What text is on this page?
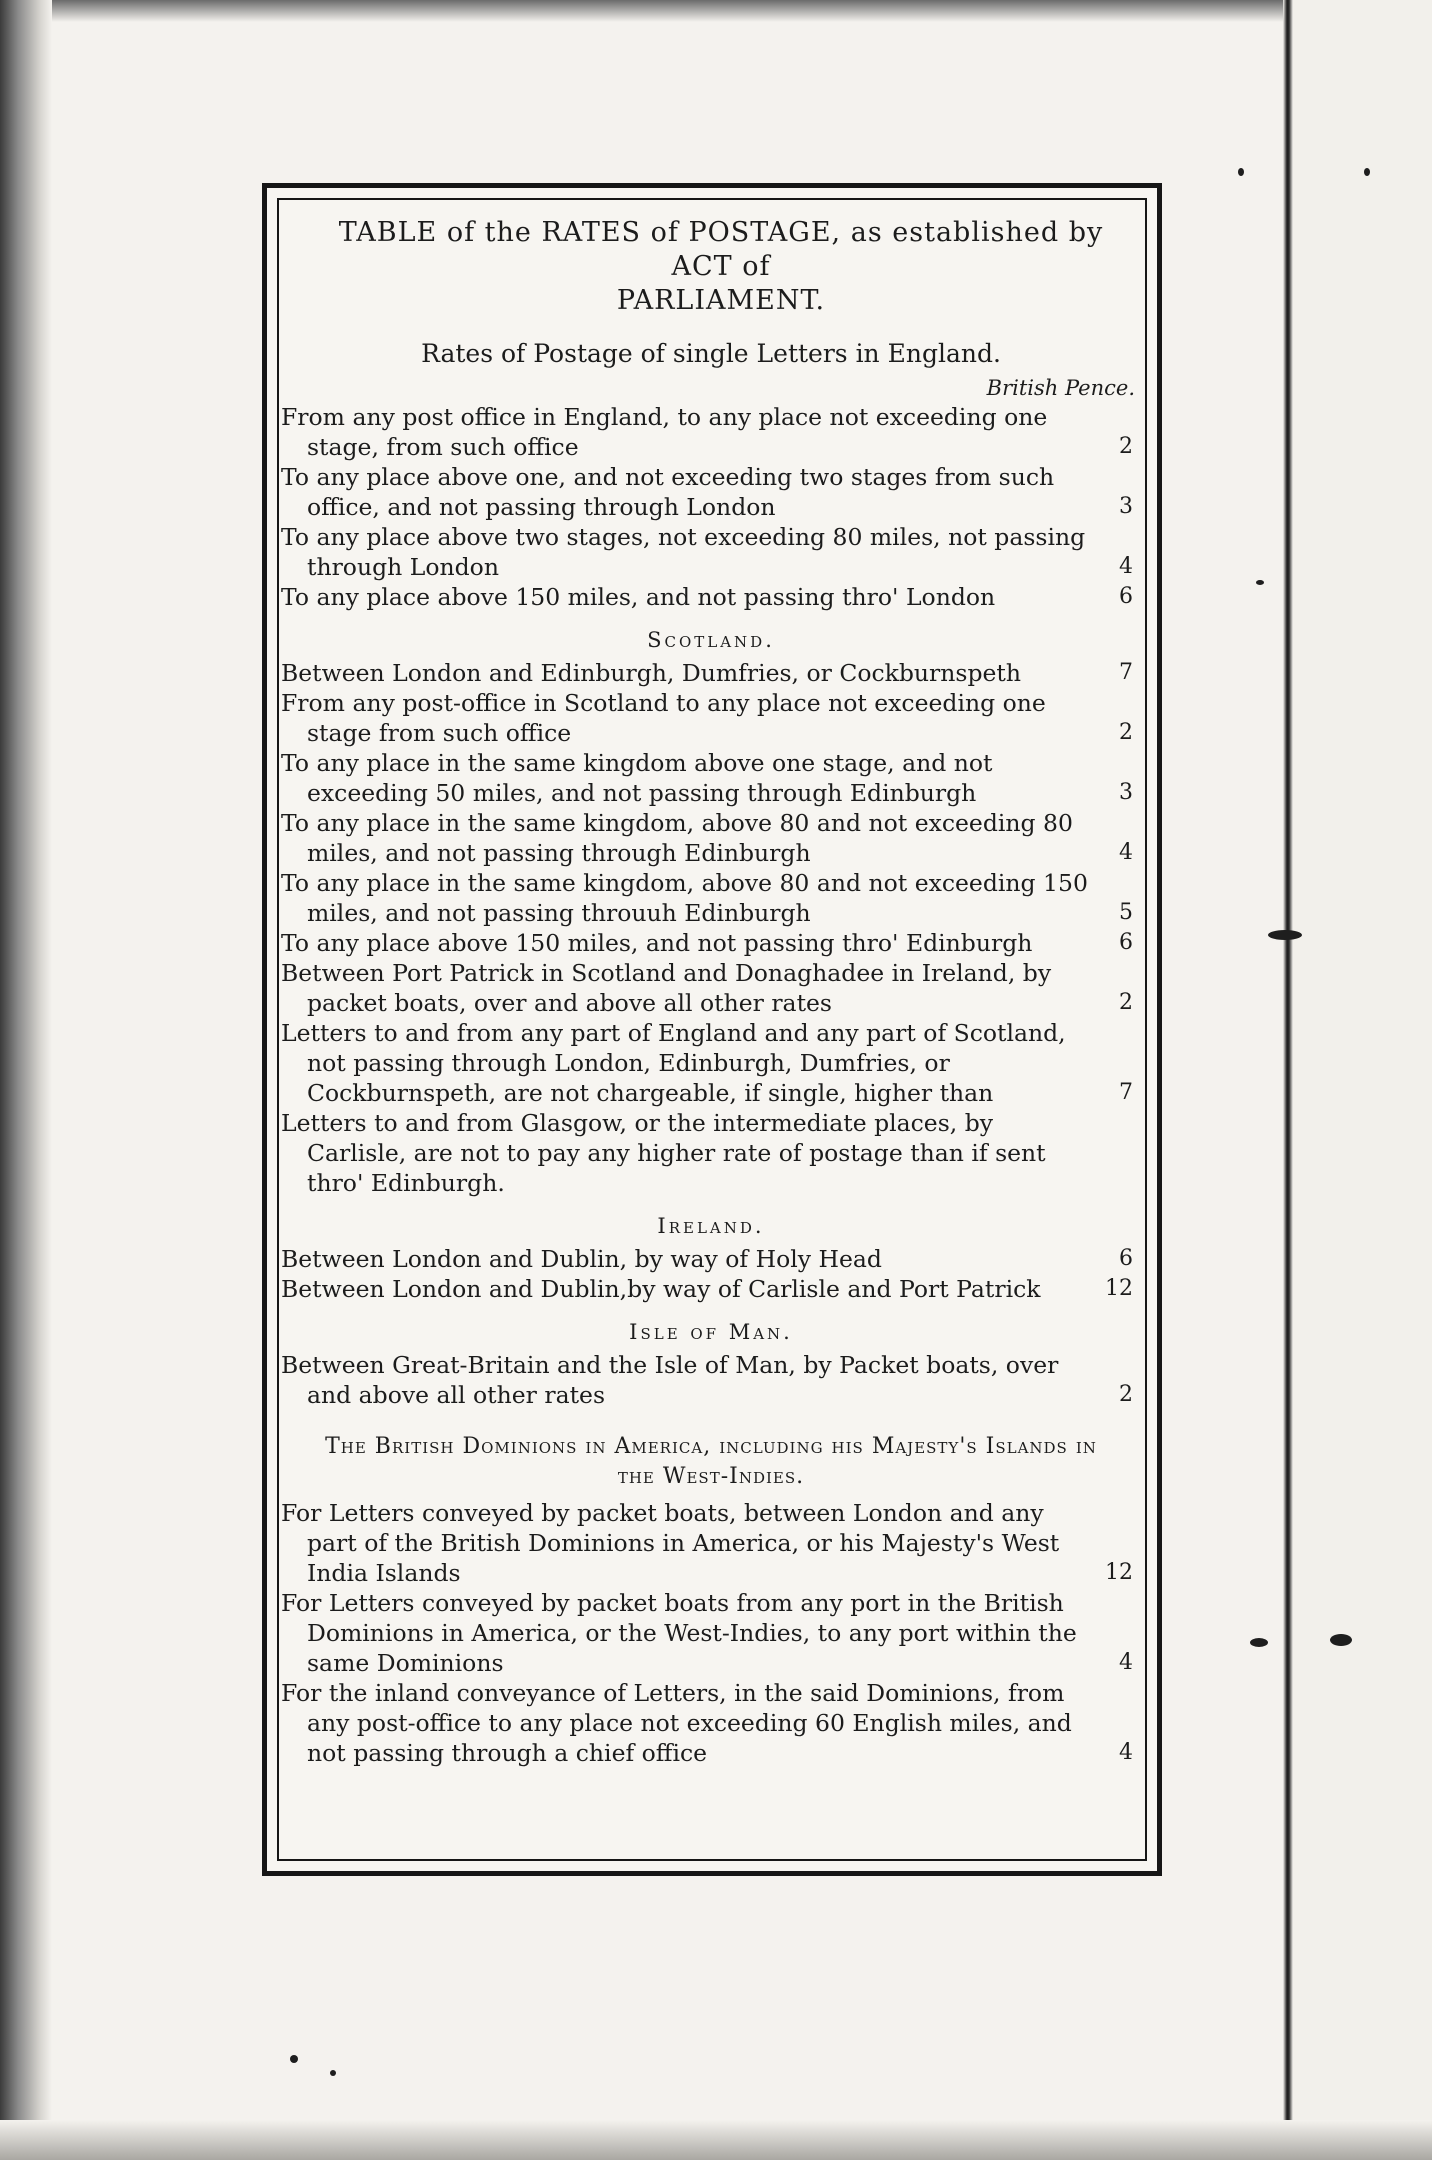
TABLE of the RATES of POSTAGE, as established by ACT of
PARLIAMENT.
Rates of Postage of single Letters in England.
British Pence.
From any post office in England, to any place not exceeding one stage, from such office	2
To any place above one, and not exceeding two stages from such office, and not passing through London	3
To any place above two stages, not exceeding 80 miles, not passing through London	4
To any place above 150 miles, and not passing thro' London	6
Scotland.
Between London and Edinburgh, Dumfries, or Cockburnspeth	7
From any post-office in Scotland to any place not exceeding one stage from such office	2
To any place in the same kingdom above one stage, and not exceeding 50 miles, and not passing through Edinburgh	3
To any place in the same kingdom, above 80 and not exceeding 80 miles, and not passing through Edinburgh	4
To any place in the same kingdom, above 80 and not exceeding 150 miles, and not passing throuuh Edinburgh	5
To any place above 150 miles, and not passing thro' Edinburgh	6
Between Port Patrick in Scotland and Donaghadee in Ireland, by packet boats, over and above all other rates	2
Letters to and from any part of England and any part of Scotland, not passing through London, Edinburgh, Dumfries, or Cockburnspeth, are not chargeable, if single, higher than	7
Letters to and from Glasgow, or the intermediate places, by Carlisle, are not to pay any higher rate of postage than if sent thro' Edinburgh.
Ireland.
Between London and Dublin, by way of Holy Head	6
Between London and Dublin,by way of Carlisle and Port Patrick	12
Isle of Man.
Between Great-Britain and the Isle of Man, by Packet boats, over and above all other rates	2
The British Dominions in America, including his Majesty's Islands in the West-Indies.
For Letters conveyed by packet boats, between London and any part of the British Dominions in America, or his Majesty's West India Islands	12
For Letters conveyed by packet boats from any port in the British Dominions in America, or the West-Indies, to any port within the same Dominions	4
For the inland conveyance of Letters, in the said Dominions, from any post-office to any place not exceeding 60 English miles, and not passing through a chief office	4
